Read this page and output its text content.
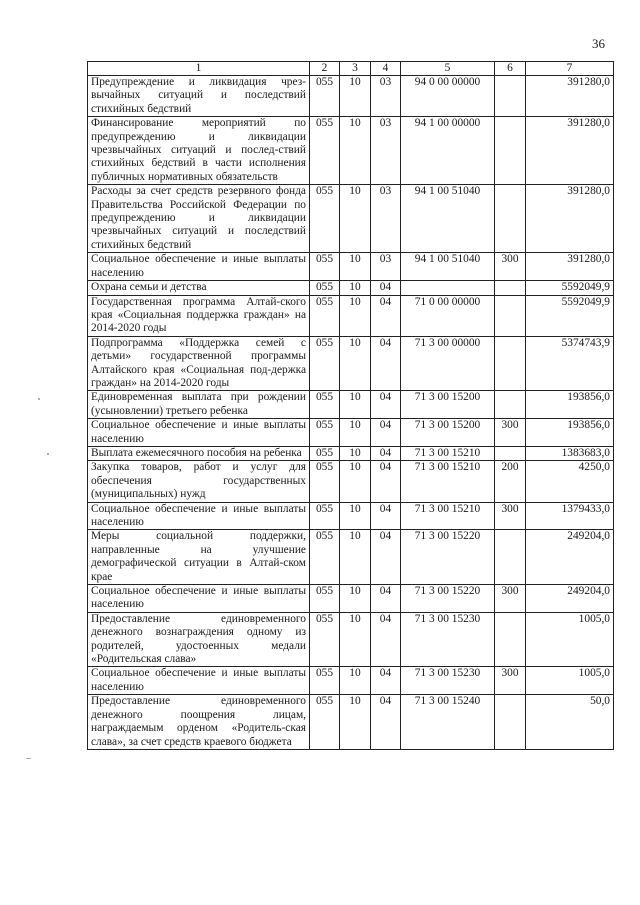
36
1	2	3	4	5	6	7
Предупреждение и ликвидация чрез-вычайных ситуаций и последствий стихийных бедствий	055	10	03	94 0 00 00000		391280,0
Финансирование мероприятий по предупреждению и ликвидации чрезвычайных ситуаций и послед-ствий стихийных бедствий в части исполнения публичных нормативных обязательств	055	10	03	94 1 00 00000		391280,0
Расходы за счет средств резервного фонда Правительства Российской Федерации по предупреждению и ликвидации чрезвычайных ситуаций и последствий стихийных бедствий	055	10	03	94 1 00 51040		391280,0
Социальное обеспечение и иные выплаты населению	055	10	03	94 1 00 51040	300	391280,0
Охрана семьи и детства	055	10	04			5592049,9
Государственная программа Алтай-ского края «Социальная поддержка граждан» на 2014-2020 годы	055	10	04	71 0 00 00000		5592049,9
Подпрограмма «Поддержка семей с детьми» государственной программы Алтайского края «Социальная под-держка граждан» на 2014-2020 годы	055	10	04	71 3 00 00000		5374743,9
Единовременная выплата при рождении (усыновлении) третьего ребенка	055	10	04	71 3 00 15200		193856,0
Социальное обеспечение и иные выплаты населению	055	10	04	71 3 00 15200	300	193856,0
Выплата ежемесячного пособия на ребенка	055	10	04	71 3 00 15210		1383683,0
Закупка товаров, работ и услуг для обеспечения государственных (муниципальных) нужд	055	10	04	71 3 00 15210	200	4250,0
Социальное обеспечение и иные выплаты населению	055	10	04	71 3 00 15210	300	1379433,0
Меры социальной поддержки, направленные на улучшение демографической ситуации в Алтай-ском крае	055	10	04	71 3 00 15220		249204,0
Социальное обеспечение и иные выплаты населению	055	10	04	71 3 00 15220	300	249204,0
Предоставление единовременного денежного вознаграждения одному из родителей, удостоенных медали «Родительская слава»	055	10	04	71 3 00 15230		1005,0
Социальное обеспечение и иные выплаты населению	055	10	04	71 3 00 15230	300	1005,0
Предоставление единовременного денежного поощрения лицам, награждаемым орденом «Родитель-ская слава», за счет средств краевого бюджета	055	10	04	71 3 00 15240		50,0
